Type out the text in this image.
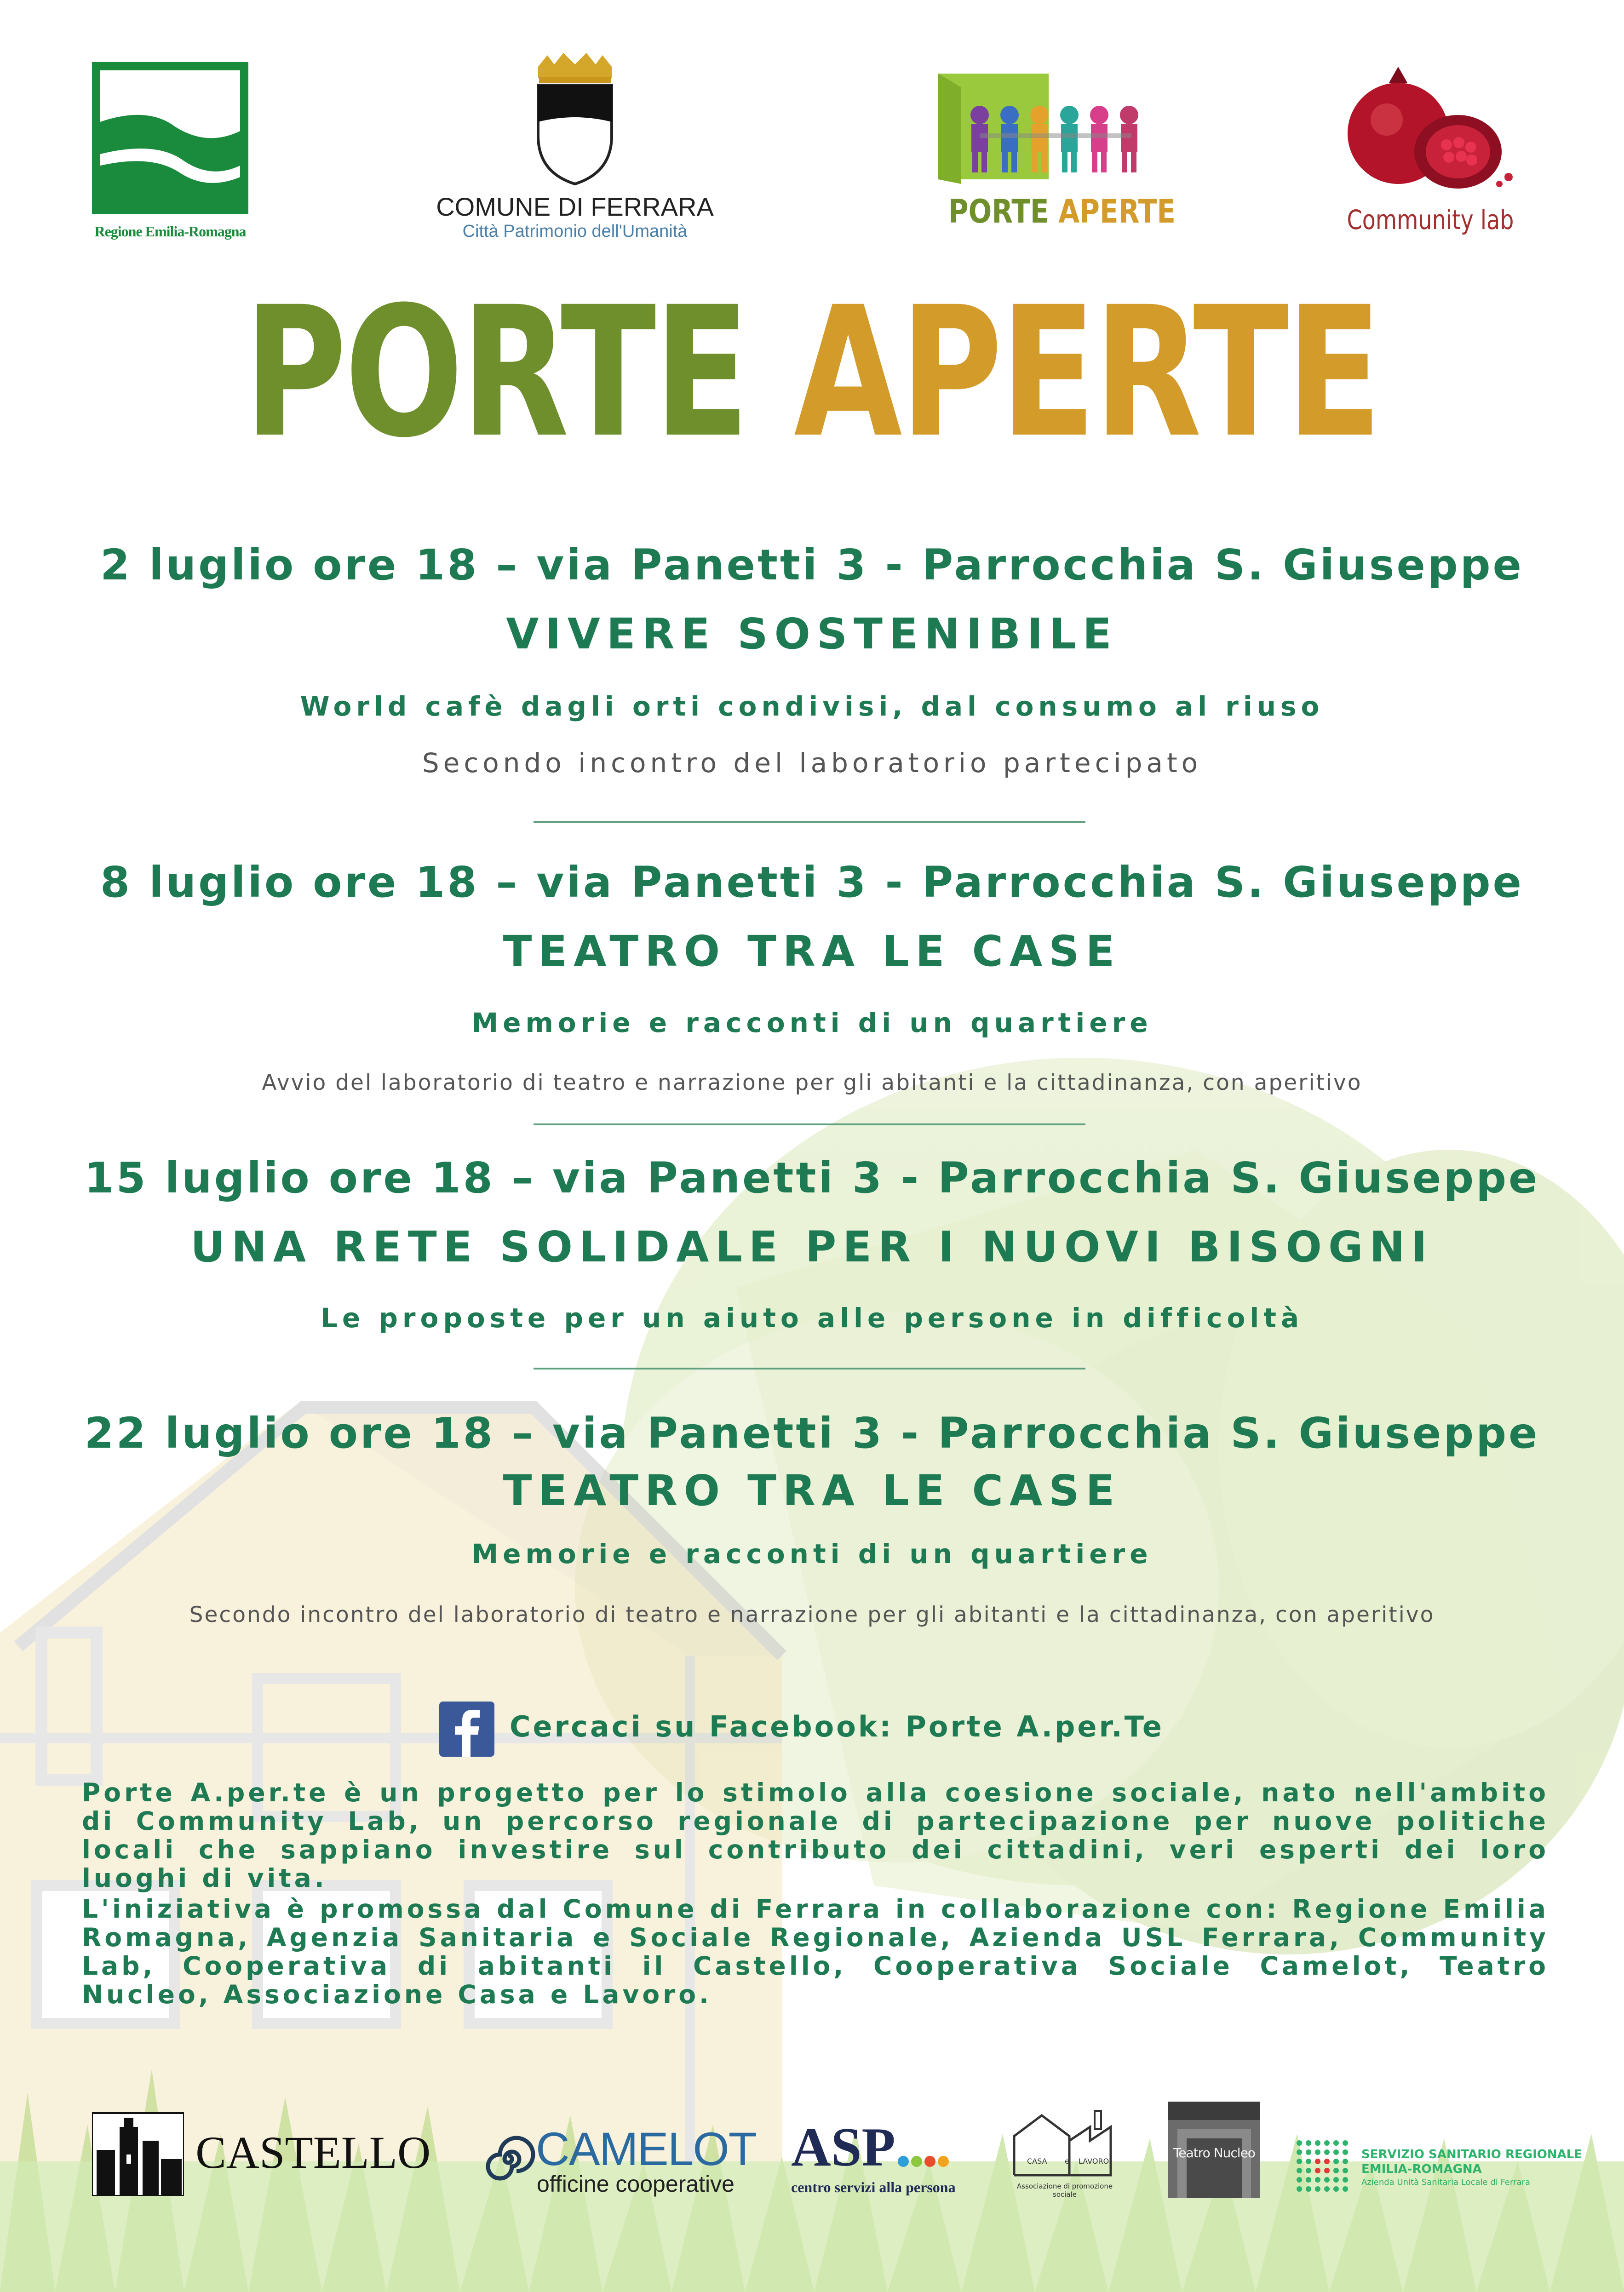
Regione Emilia-Romagna
COMUNE DI FERRARA
Città Patrimonio dell'Umanità
PORTE APERTE	Community lab
PORTE APERTE
2 luglio ore 18 – via Panetti 3 - Parrocchia S. Giuseppe
VIVERE SOSTENIBILE
World cafè dagli orti condivisi, dal consumo al riuso
Secondo incontro del laboratorio partecipato
8 luglio ore 18 – via Panetti 3 - Parrocchia S. Giuseppe
TEATRO TRA LE CASE
Memorie e racconti di un quartiere
Avvio del laboratorio di teatro e narrazione per gli abitanti e la cittadinanza, con aperitivo
15 luglio ore 18 – via Panetti 3 - Parrocchia S. Giuseppe
UNA RETE SOLIDALE PER I NUOVI BISOGNI
Le proposte per un aiuto alle persone in difficoltà
22 luglio ore 18 – via Panetti 3 - Parrocchia S. Giuseppe
TEATRO TRA LE CASE
Memorie e racconti di un quartiere
Secondo incontro del laboratorio di teatro e narrazione per gli abitanti e la cittadinanza, con aperitivo
Cercaci su Facebook: Porte A.per.Te
Porte A.per.te è un progetto per lo stimolo alla coesione sociale, nato nell'ambito di Community Lab, un percorso regionale di partecipazione per nuove politiche locali che sappiano investire sul contributo dei cittadini, veri esperti dei loro luoghi di vita.
L'iniziativa è promossa dal Comune di Ferrara in collaborazione con: Regione Emilia Romagna, Agenzia Sanitaria e Sociale Regionale, Azienda USL Ferrara, Community Lab, Cooperativa di abitanti il Castello, Cooperativa Sociale Camelot, Teatro Nucleo, Associazione Casa e Lavoro.
CASTELLO	CAMELOT
officine cooperative
ASP
centro servizi alla persona
CASA e LAVORO
Associazione di promozione sociale
Teatro Nucleo	SERVIZIO SANITARIO REGIONALE
EMILIA-ROMAGNA
Azienda Unità Sanitaria Locale di Ferrara
